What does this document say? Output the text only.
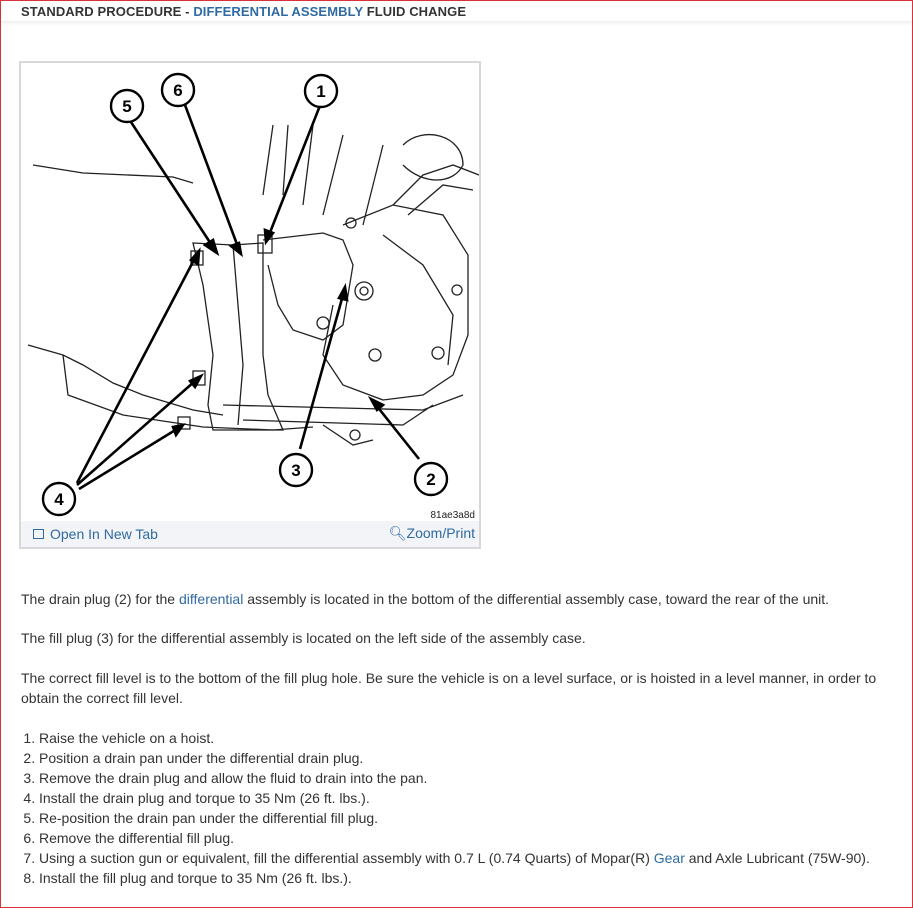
STANDARD PROCEDURE - DIFFERENTIAL ASSEMBLY FLUID CHANGE
5
6	1
4
3	2
81ae3a8d
Open In New Tab	🔍︎Zoom/Print
The drain plug (2) for the differential assembly is located in the bottom of the differential assembly case, toward the rear of the unit.
The fill plug (3) for the differential assembly is located on the left side of the assembly case.
The correct fill level is to the bottom of the fill plug hole. Be sure the vehicle is on a level surface, or is hoisted in a level manner, in order to obtain the correct fill level.
1. Raise the vehicle on a hoist.
2. Position a drain pan under the differential drain plug.
3. Remove the drain plug and allow the fluid to drain into the pan.
4. Install the drain plug and torque to 35 Nm (26 ft. lbs.).
5. Re-position the drain pan under the differential fill plug.
6. Remove the differential fill plug.
7. Using a suction gun or equivalent, fill the differential assembly with 0.7 L (0.74 Quarts) of Mopar(R) Gear and Axle Lubricant (75W-90).
8. Install the fill plug and torque to 35 Nm (26 ft. lbs.).
